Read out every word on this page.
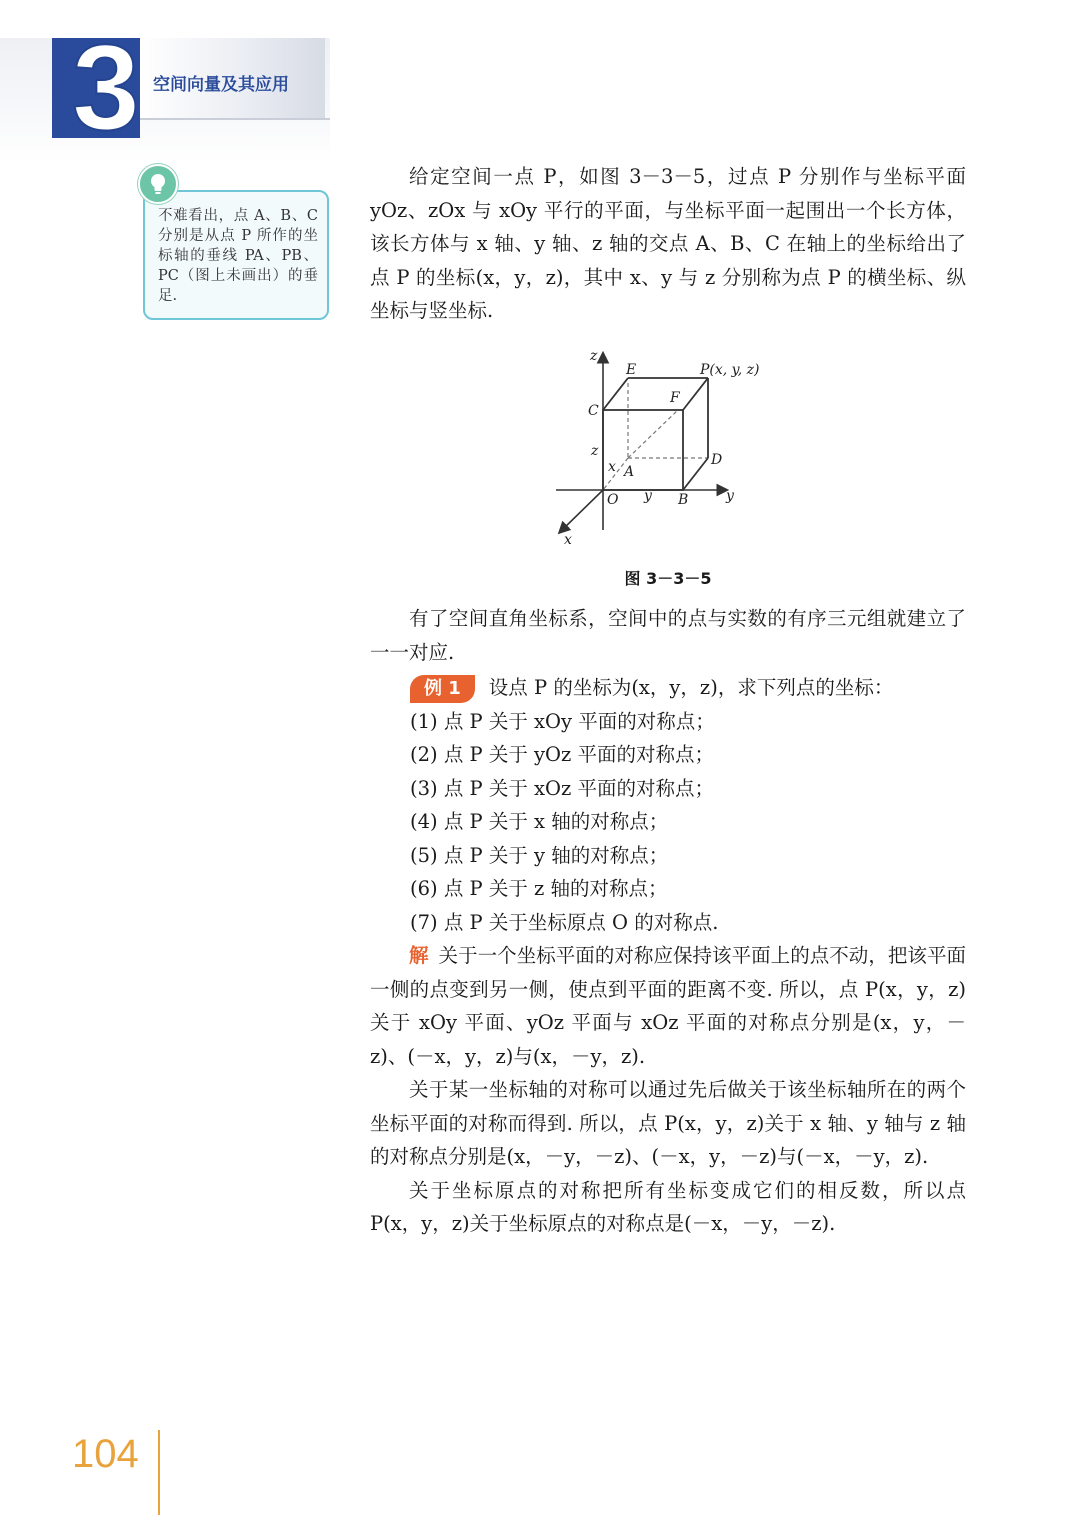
3 空间向量及其应用
不难看出，点 A、B、C 分别是从点 P 所作的坐标轴的垂线 PA、PB、PC（图上未画出）的垂足.

给定空间一点 P，如图 3－3－5，过点 P 分别作与坐标平面 yOz、zOx 与 xOy 平行的平面，与坐标平面一起围出一个长方体，该长方体与 x 轴、y 轴、z 轴的交点 A、B、C 在轴上的坐标给出了点 P 的坐标(x，y，z)，其中 x、y 与 z 分别称为点 P 的横坐标、纵坐标与竖坐标.

z
y
x
E	P(x, y, z)
F
C
z
x A
D
O y B
图 3－3－5

有了空间直角坐标系，空间中的点与实数的有序三元组就建立了一一对应.

例 1 设点 P 的坐标为(x，y，z)，求下列点的坐标：

(1) 点 P 关于 xOy 平面的对称点；

(2) 点 P 关于 yOz 平面的对称点；

(3) 点 P 关于 xOz 平面的对称点；

(4) 点 P 关于 x 轴的对称点；

(5) 点 P 关于 y 轴的对称点；

(6) 点 P 关于 z 轴的对称点；

(7) 点 P 关于坐标原点 O 的对称点.

解 关于一个坐标平面的对称应保持该平面上的点不动，把该平面一侧的点变到另一侧，使点到平面的距离不变. 所以，点 P(x，y，z)关于 xOy 平面、yOz 平面与 xOz 平面的对称点分别是(x，y，－z)、(－x，y，z)与(x，－y，z).

关于某一坐标轴的对称可以通过先后做关于该坐标轴所在的两个坐标平面的对称而得到. 所以，点 P(x，y，z)关于 x 轴、y 轴与 z 轴的对称点分别是(x，－y，－z)、(－x，y，－z)与(－x，－y，z).

关于坐标原点的对称把所有坐标变成它们的相反数，所以点 P(x，y，z)关于坐标原点的对称点是(－x，－y，－z).

104
